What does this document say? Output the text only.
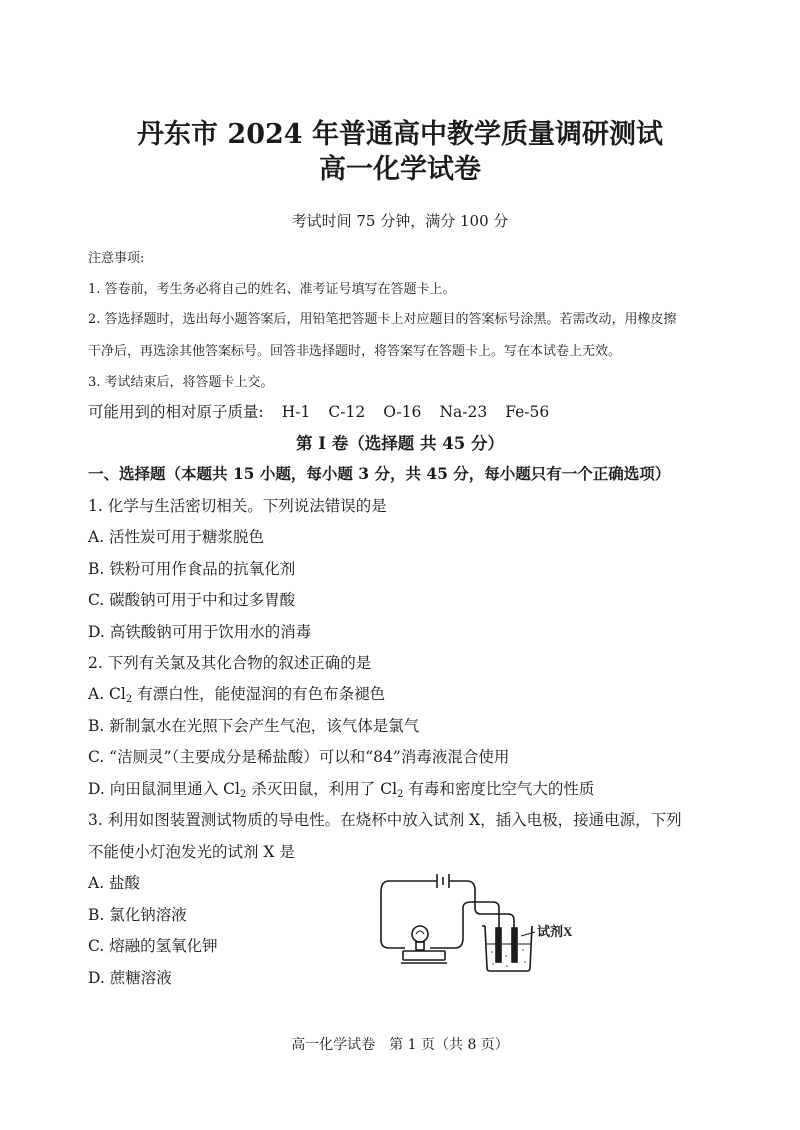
丹东市 2024 年普通高中教学质量调研测试
高一化学试卷
考试时间 75 分钟，满分 100 分
注意事项:
1. 答卷前，考生务必将自己的姓名、准考证号填写在答题卡上。
2. 答选择题时，选出每小题答案后，用铅笔把答题卡上对应题目的答案标号涂黑。若需改动，用橡皮擦
干净后，再选涂其他答案标号。回答非选择题时，将答案写在答题卡上。写在本试卷上无效。
3. 考试结束后，将答题卡上交。
可能用到的相对原子质量: H-1 C-12 O-16 Na-23 Fe-56
第 Ⅰ 卷（选择题 共 45 分）
一、选择题（本题共 15 小题，每小题 3 分，共 45 分，每小题只有一个正确选项）
1. 化学与生活密切相关。下列说法错误的是
A. 活性炭可用于糖浆脱色
B. 铁粉可用作食品的抗氧化剂
C. 碳酸钠可用于中和过多胃酸
D. 高铁酸钠可用于饮用水的消毒
2. 下列有关氯及其化合物的叙述正确的是
A. $Cl_2$ 有漂白性，能使湿润的有色布条褪色
B. 新制氯水在光照下会产生气泡，该气体是氯气
C. “洁厕灵”（主要成分是稀盐酸）可以和“84”消毒液混合使用
D. 向田鼠洞里通入 $Cl_2$ 杀灭田鼠，利用了 $Cl_2$ 有毒和密度比空气大的性质
3. 利用如图装置测试物质的导电性。在烧杯中放入试剂 X，插入电极，接通电源，下列
不能使小灯泡发光的试剂 X 是
A. 盐酸
B. 氯化钠溶液
C. 熔融的氢氧化钾
D. 蔗糖溶液
试剂X
高一化学试卷　第 1 页（共 8 页）
